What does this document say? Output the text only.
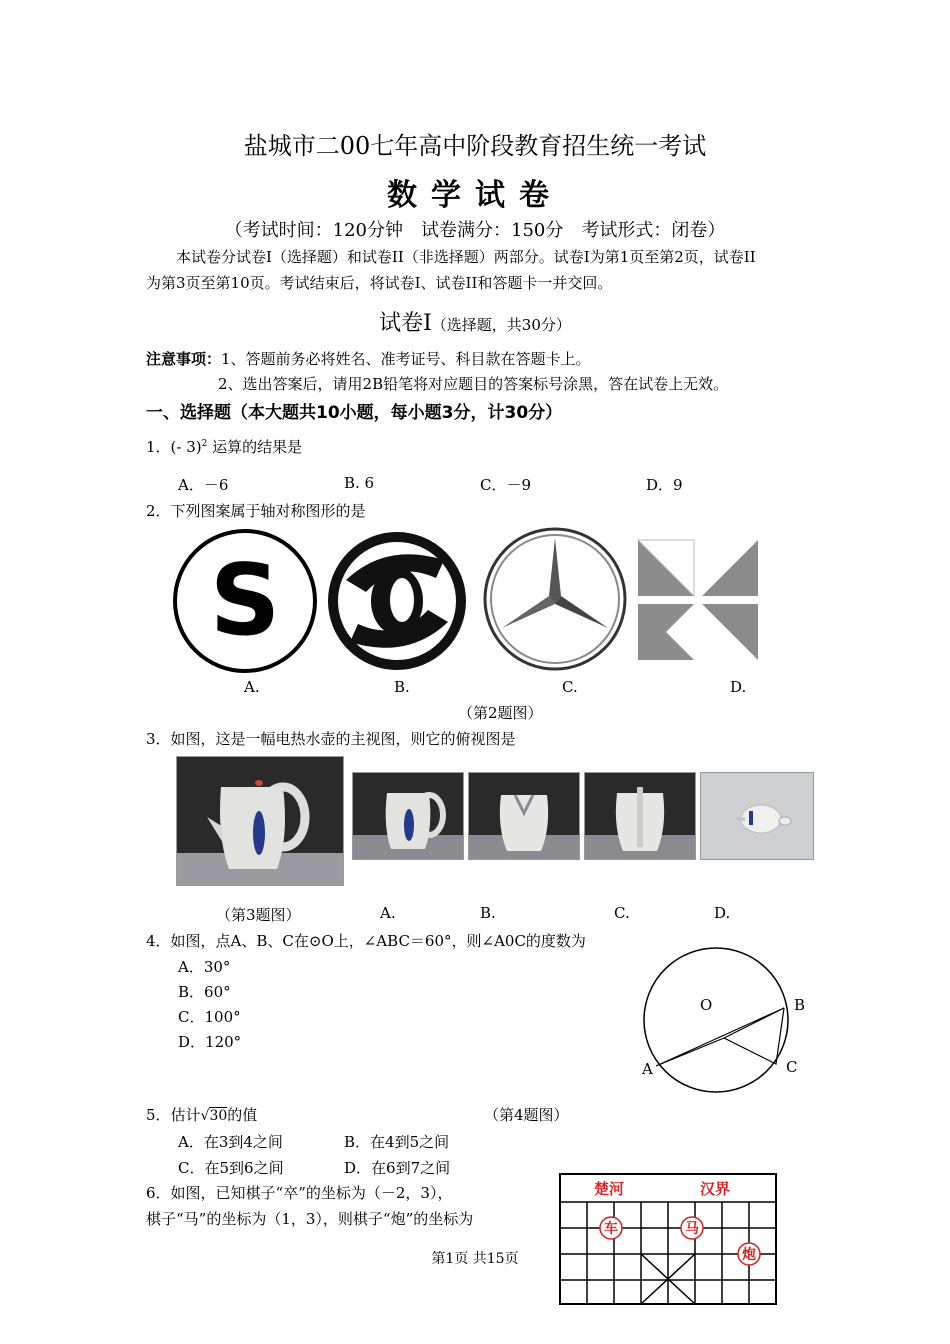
盐城市二00七年高中阶段教育招生统一考试
数学试卷
（考试时间：120分钟　试卷满分：150分　考试形式：闭卷）
本试卷分试卷I（选择题）和试卷II（非选择题）两部分。试卷I为第1页至第2页，试卷II
为第3页至第10页。考试结束后，将试卷I、试卷II和答题卡一并交回。
试卷I（选择题，共30分）
注意事项：1、答题前务必将姓名、准考证号、科目款在答题卡上。
2、选出答案后，请用2B铅笔将对应题目的答案标号涂黑，答在试卷上无效。
一、选择题（本大题共10小题，每小题3分，计30分）
1．(- 3)$^2$ 运算的结果是
A．－6	B. 6	C．－9	D．9
2．下列图案属于轴对称图形的是
S
A.	B.	C.	D.
（第2题图）
3．如图，这是一幅电热水壶的主视图，则它的俯视图是
（第3题图）	A.	B.	C.	D.
4．如图，点A、B、C在⊙O上，∠ABC＝60°，则∠A0C的度数为
A．30°
B．60°
C．100°
D．120°
O	B
A	C
5．估计√30的值	（第4题图）
A．在3到4之间	B．在4到5之间
C．在5到6之间	D．在6到7之间
6．如图，已知棋子“卒”的坐标为（－2，3），
棋子“马”的坐标为（1，3），则棋子“炮”的坐标为
楚河	汉界
车	马
炮
第1页 共15页
